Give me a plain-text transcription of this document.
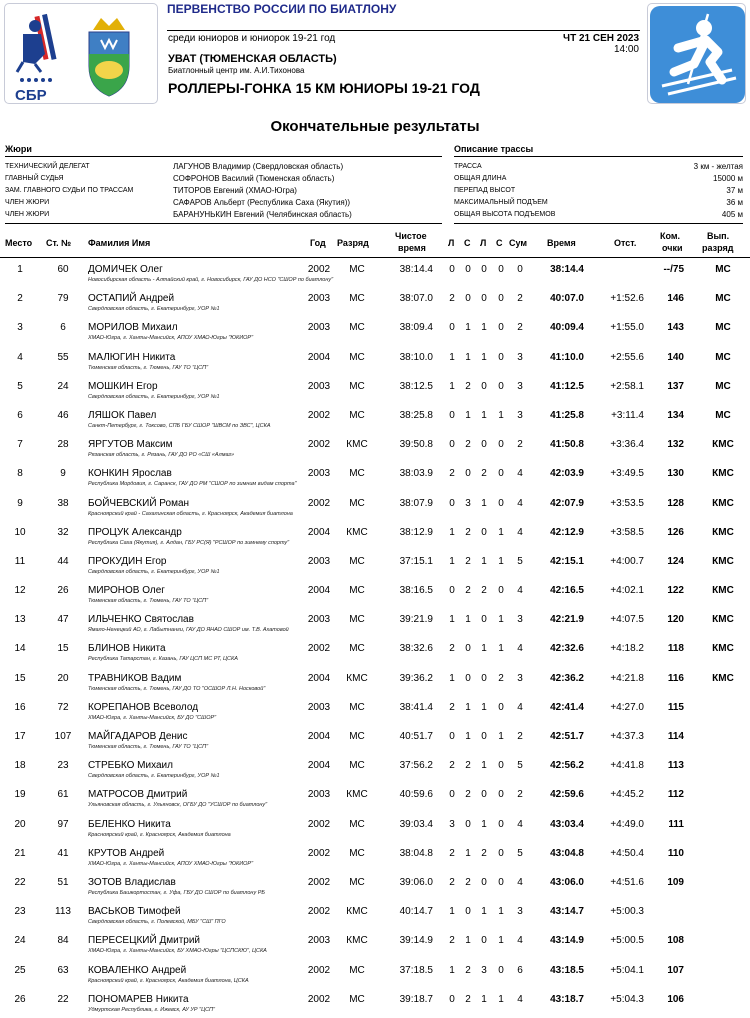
СБР
ПЕРВЕНСТВО РОССИИ ПО БИАТЛОНУ
среди юниоров и юниорок 19-21 год	ЧТ 21 СЕН 2023
14:00
УВАТ (ТЮМЕНСКАЯ ОБЛАСТЬ)
Биатлонный центр им. А.И.Тихонова
РОЛЛЕРЫ-ГОНКА 15 КМ ЮНИОРЫ 19-21 ГОД
Окончательные результаты
Жюри
ТЕХНИЧЕСКИЙ ДЕЛЕГАТ	ЛАГУНОВ Владимир (Свердловская область)
ГЛАВНЫЙ СУДЬЯ	СОФРОНОВ Василий (Тюменская область)
ЗАМ. ГЛАВНОГО СУДЬИ ПО ТРАССАМ	ТИТОРОВ Евгений (ХМАО-Югра)
ЧЛЕН ЖЮРИ	САФАРОВ Альберт (Республика Саха (Якутия))
ЧЛЕН ЖЮРИ	БАРАНУНЬКИН Евгений (Челябинская область)
Описание трассы
ТРАССА	3 км - желтая
ОБЩАЯ ДЛИНА	15000 м
ПЕРЕПАД ВЫСОТ	37 м
МАКСИМАЛЬНЫЙ ПОДЪЕМ	36 м
ОБЩАЯ ВЫСОТА ПОДЪЕМОВ	405 м
Место Ст. № Фамилия Имя	Год Разряд
Чистое
время Л С Л С Сум Время	Отст.
Ком.
очки
Вып.
разряд
1	60	ДОМИЧЕК Олег
Новосибирская область - Алтайский край, г. Новосибирск, ГАУ ДО НСО "СШОР по биатлону"
2002	МС	38:14.4	0	0	0	0	0	38:14.4	--/75	МС
2	79	ОСТАПИЙ Андрей
Свердловская область, г. Екатеринбург, УОР №1
2003	МС	38:07.0	2	0	0	0	2	40:07.0	+1:52.6	146	МС
3	6	МОРИЛОВ Михаил
ХМАО-Югра, г. Ханты-Мансийск, АПОУ ХМАО-Югры "ЮКИОР"
2003	МС	38:09.4	0	1	1	0	2	40:09.4	+1:55.0	143	МС
4	55	МАЛЮГИН Никита
Тюменская область, г. Тюмень, ГАУ ТО "ЦСП"
2004	МС	38:10.0	1	1	1	0	3	41:10.0	+2:55.6	140	МС
5	24	МОШКИН Егор
Свердловская область, г. Екатеринбург, УОР №1
2003	МС	38:12.5	1	2	0	0	3	41:12.5	+2:58.1	137	МС
6	46	ЛЯШОК Павел
Санкт-Петербург, г. Токсово, СПБ ГБУ СШОР "ШВСМ по ЗВС", ЦСКА
2002	МС	38:25.8	0	1	1	1	3	41:25.8	+3:11.4	134	МС
7	28	ЯРГУТОВ Максим
Рязанская область, г. Рязань, ГАУ ДО РО «СШ «Алмаз»
2002	КМС	39:50.8	0	2	0	0	2	41:50.8	+3:36.4	132	КМС
8	9	КОНКИН Ярослав
Республика Мордовия, г. Саранск, ГАУ ДО РМ "СШОР по зимним видам спорта"
2003	МС	38:03.9	2	0	2	0	4	42:03.9	+3:49.5	130	КМС
9	38	БОЙЧЕВСКИЙ Роман
Красноярский край - Сахалинская область, г. Красноярск, Академия биатлона
2002	МС	38:07.9	0	3	1	0	4	42:07.9	+3:53.5	128	КМС
10	32	ПРОЦУК Александр
Республика Саха (Якутия), г. Алдан, ГБУ РС(Я) "РСШОР по зимнему спорту"
2004	КМС	38:12.9	1	2	0	1	4	42:12.9	+3:58.5	126	КМС
11	44	ПРОКУДИН Егор
Свердловская область, г. Екатеринбург, УОР №1
2003	МС	37:15.1	1	2	1	1	5	42:15.1	+4:00.7	124	КМС
12	26	МИРОНОВ Олег
Тюменская область, г. Тюмень, ГАУ ТО "ЦСП"
2004	МС	38:16.5	0	2	2	0	4	42:16.5	+4:02.1	122	КМС
13	47	ИЛЬЧЕНКО Святослав
Ямало-Ненецкий АО, г. Лабытнанги, ГАУ ДО ЯНАО СШОР им. Т.В. Ахатовой
2003	МС	39:21.9	1	1	0	1	3	42:21.9	+4:07.5	120	КМС
14	15	БЛИНОВ Никита
Республика Татарстан, г. Казань, ГАУ ЦСП МС РТ, ЦСКА
2002	МС	38:32.6	2	0	1	1	4	42:32.6	+4:18.2	118	КМС
15	20	ТРАВНИКОВ Вадим
Тюменская область, г. Тюмень, ГАУ ДО ТО "ОСШОР Л.Н. Носковой"
2004	КМС	39:36.2	1	0	0	2	3	42:36.2	+4:21.8	116	КМС
16	72	КОРЕПАНОВ Всеволод
ХМАО-Югра, г. Ханты-Мансийск, БУ ДО "СШОР"
2003	МС	38:41.4	2	1	1	0	4	42:41.4	+4:27.0	115
17	107	МАЙГАДАРОВ Денис
Тюменская область, г. Тюмень, ГАУ ТО "ЦСП"
2004	МС	40:51.7	0	1	0	1	2	42:51.7	+4:37.3	114
18	23	СТРЕБКО Михаил
Свердловская область, г. Екатеринбург, УОР №1
2004	МС	37:56.2	2	2	1	0	5	42:56.2	+4:41.8	113
19	61	МАТРОСОВ Дмитрий
Ульяновская область, г. Ульяновск, ОГБУ ДО "УСШОР по биатлону"
2003	КМС	40:59.6	0	2	0	0	2	42:59.6	+4:45.2	112
20	97	БЕЛЕНКО Никита
Красноярский край, г. Красноярск, Академия биатлона
2002	МС	39:03.4	3	0	1	0	4	43:03.4	+4:49.0	111
21	41	КРУТОВ Андрей
ХМАО-Югра, г. Ханты-Мансийск, АПОУ ХМАО-Югры "ЮКИОР"
2002	МС	38:04.8	2	1	2	0	5	43:04.8	+4:50.4	110
22	51	ЗОТОВ Владислав
Республика Башкортостан, г. Уфа, ГБУ ДО СШОР по биатлону РБ
2002	МС	39:06.0	2	2	0	0	4	43:06.0	+4:51.6	109
23	113	ВАСЬКОВ Тимофей
Свердловская область, г. Полевской, МБУ "СШ" ПГО
2002	КМС	40:14.7	1	0	1	1	3	43:14.7	+5:00.3
24	84	ПЕРЕСЕЦКИЙ Дмитрий
ХМАО-Югра, г. Ханты-Мансийск, БУ ХМАО-Югры "ЦСПСКЮ", ЦСКА
2003	КМС	39:14.9	2	1	0	1	4	43:14.9	+5:00.5	108
25	63	КОВАЛЕНКО Андрей
Красноярский край, г. Красноярск, Академия биатлона, ЦСКА
2002	МС	37:18.5	1	2	3	0	6	43:18.5	+5:04.1	107
26	22	ПОНОМАРЕВ Никита
Удмуртская Республика, г. Ижевск, АУ УР "ЦСП"
2002	МС	39:18.7	0	2	1	1	4	43:18.7	+5:04.3	106
